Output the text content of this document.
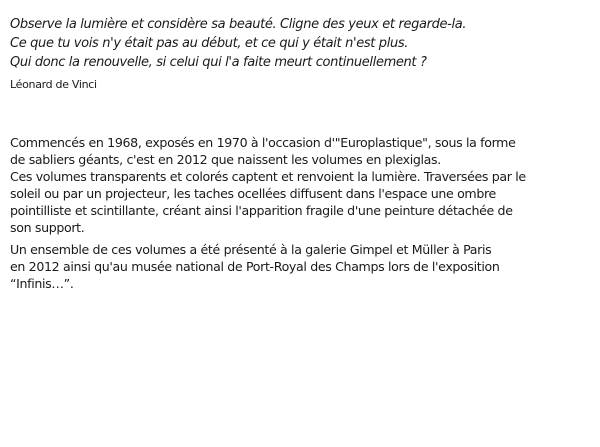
Observe la lumière et considère sa beauté. Cligne des yeux et regarde-la.
Ce que tu vois n'y était pas au début, et ce qui y était n'est plus.
Qui donc la renouvelle, si celui qui l'a faite meurt continuellement ?
Léonard de Vinci
Commencés en 1968, exposés en 1970 à l'occasion d'"Europlastique", sous la forme
de sabliers géants, c'est en 2012 que naissent les volumes en plexiglas.
Ces volumes transparents et colorés captent et renvoient la lumière. Traversées par le
soleil ou par un projecteur, les taches ocellées diffusent dans l'espace une ombre
pointilliste et scintillante, créant ainsi l'apparition fragile d'une peinture détachée de
son support.
Un ensemble de ces volumes a été présenté à la galerie Gimpel et Müller à Paris
en 2012 ainsi qu'au musée national de Port-Royal des Champs lors de l'exposition
“Infinis…”.
